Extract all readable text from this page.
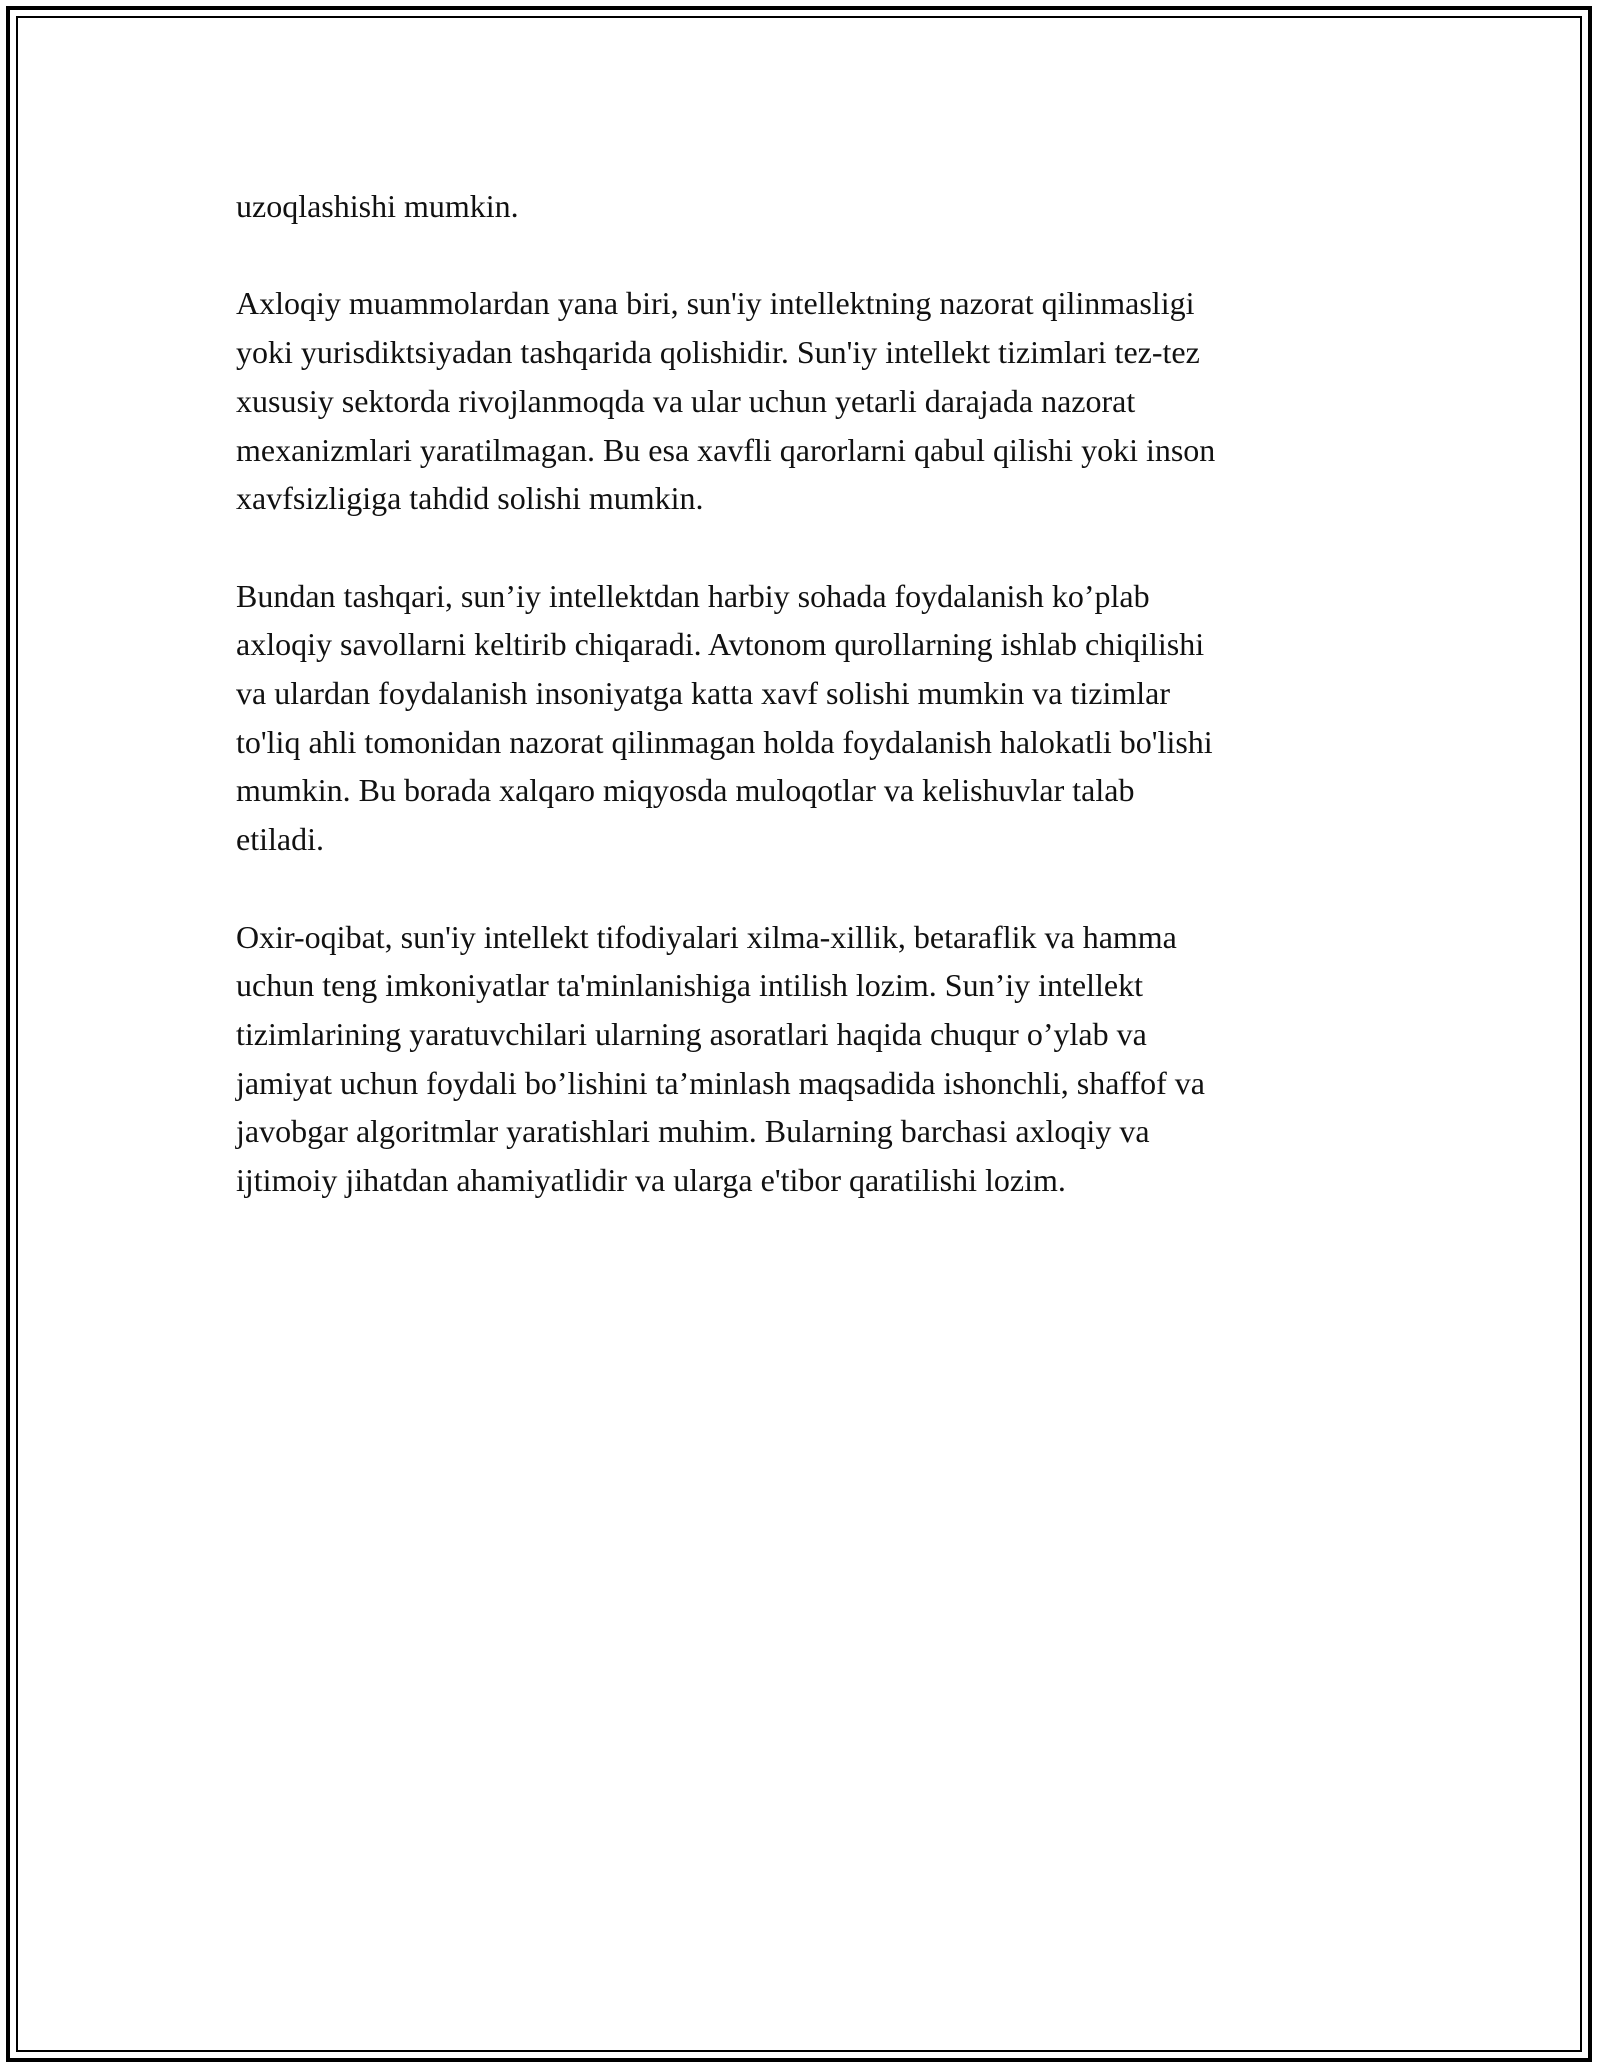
uzoqlashishi mumkin.

Axloqiy muammolardan yana biri, sun'iy intellektning nazorat qilinmasligi
yoki yurisdiktsiyadan tashqarida qolishidir. Sun'iy intellekt tizimlari tez-tez
xususiy sektorda rivojlanmoqda va ular uchun yetarli darajada nazorat
mexanizmlari yaratilmagan. Bu esa xavfli qarorlarni qabul qilishi yoki inson
xavfsizligiga tahdid solishi mumkin.

Bundan tashqari, sun’iy intellektdan harbiy sohada foydalanish ko’plab
axloqiy savollarni keltirib chiqaradi. Avtonom qurollarning ishlab chiqilishi
va ulardan foydalanish insoniyatga katta xavf solishi mumkin va tizimlar
to'liq ahli tomonidan nazorat qilinmagan holda foydalanish halokatli bo'lishi
mumkin. Bu borada xalqaro miqyosda muloqotlar va kelishuvlar talab
etiladi.

Oxir-oqibat, sun'iy intellekt tifodiyalari xilma-xillik, betaraflik va hamma
uchun teng imkoniyatlar ta'minlanishiga intilish lozim. Sun’iy intellekt
tizimlarining yaratuvchilari ularning asoratlari haqida chuqur o’ylab va
jamiyat uchun foydali bo’lishini ta’minlash maqsadida ishonchli, shaffof va
javobgar algoritmlar yaratishlari muhim. Bularning barchasi axloqiy va
ijtimoiy jihatdan ahamiyatlidir va ularga e'tibor qaratilishi lozim.
